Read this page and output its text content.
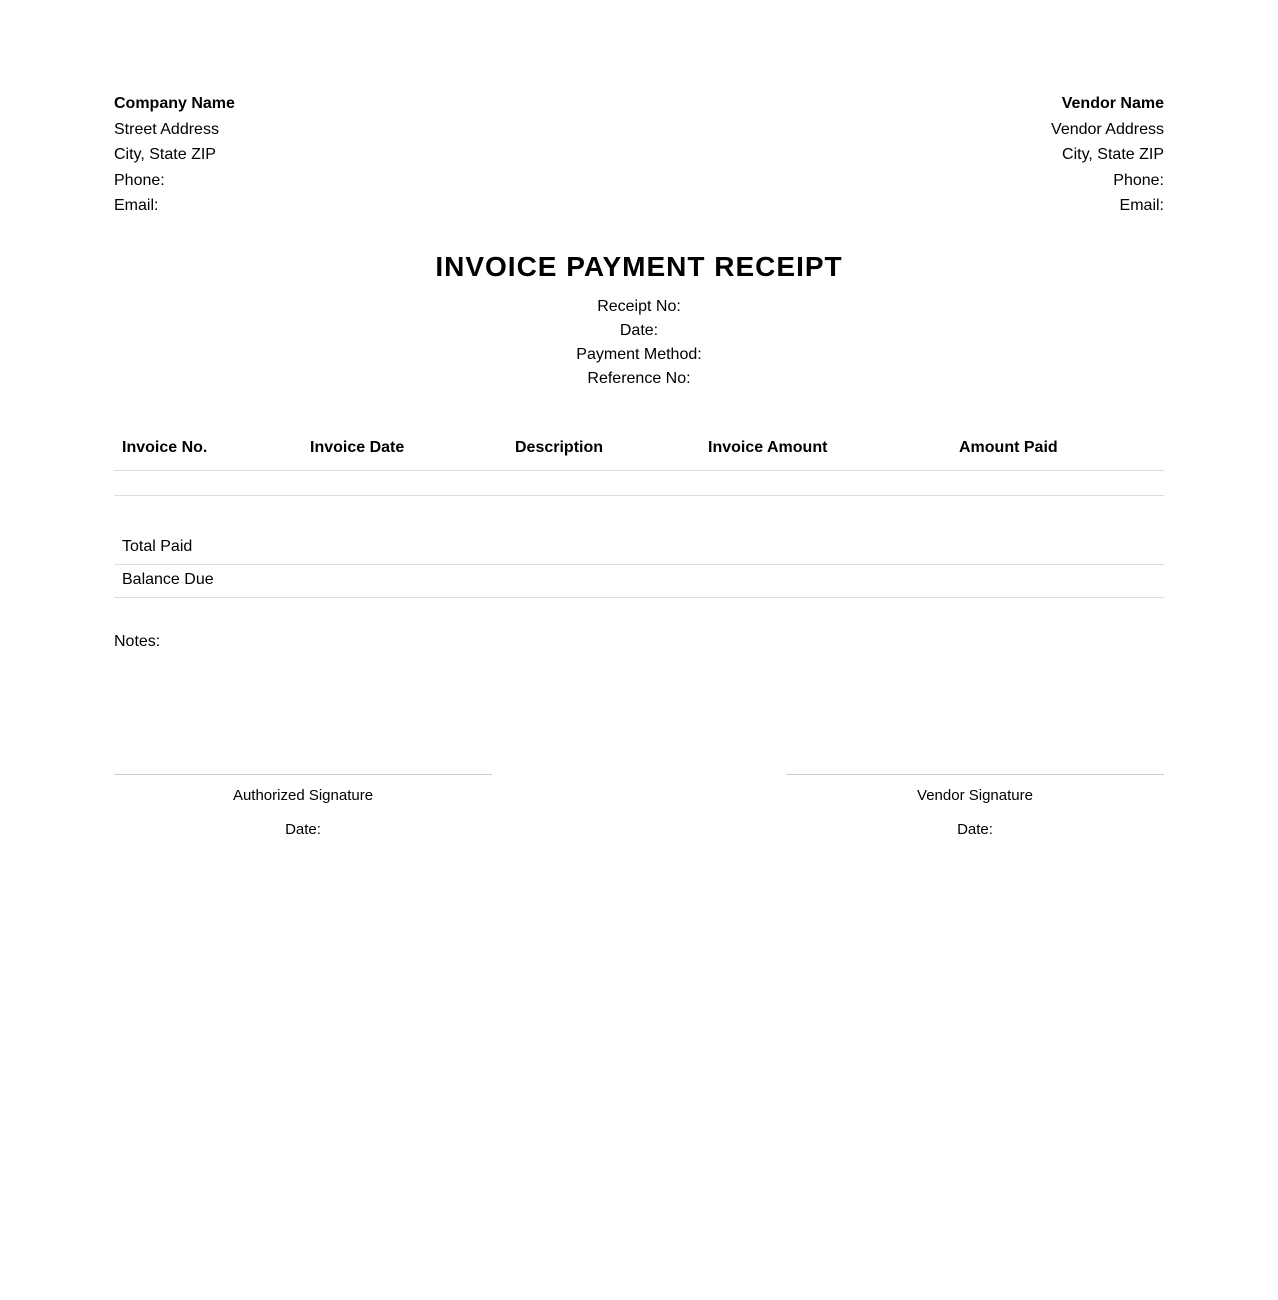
Company Name
Street Address
City, State ZIP
Phone:
Email:
Vendor Name
Vendor Address
City, State ZIP
Phone:
Email:
INVOICE PAYMENT RECEIPT
Receipt No:
Date:
Payment Method:
Reference No:
Invoice No.	Invoice Date	Description	Invoice Amount	Amount Paid
Total Paid
Balance Due
Notes:
Authorized Signature
Date:
Vendor Signature
Date:
